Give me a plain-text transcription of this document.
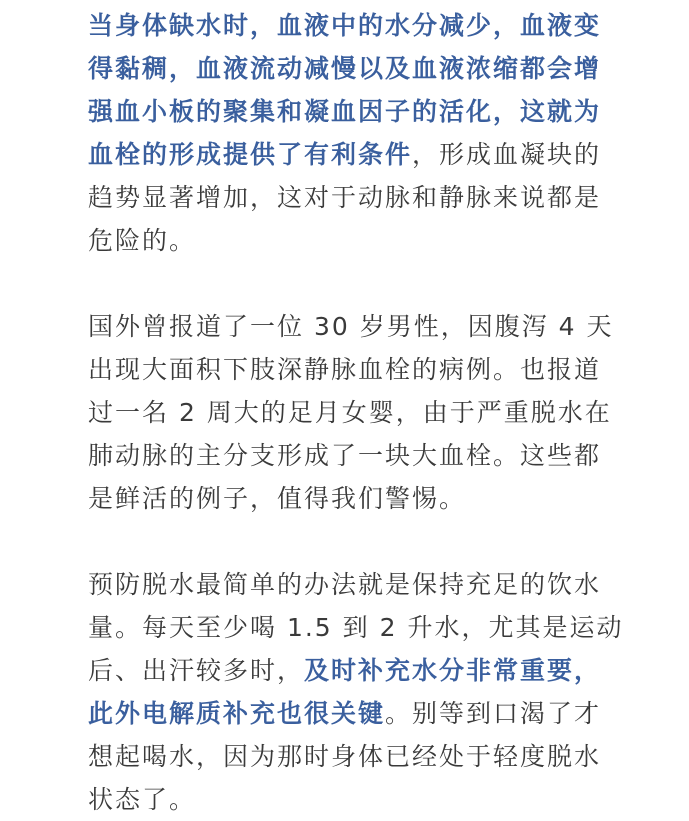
当身体缺水时，血液中的水分减少，血液变
得黏稠，血液流动减慢以及血液浓缩都会增
强血小板的聚集和凝血因子的活化，这就为
血栓的形成提供了有利条件，形成血凝块的
趋势显著增加，这对于动脉和静脉来说都是
危险的。

国外曾报道了一位 30 岁男性，因腹泻 4 天
出现大面积下肢深静脉血栓的病例。也报道
过一名 2 周大的足月女婴，由于严重脱水在
肺动脉的主分支形成了一块大血栓。这些都
是鲜活的例子，值得我们警惕。

预防脱水最简单的办法就是保持充足的饮水
量。每天至少喝 1.5 到 2 升水，尤其是运动
后、出汗较多时，及时补充水分非常重要，
此外电解质补充也很关键。别等到口渴了才
想起喝水，因为那时身体已经处于轻度脱水
状态了。
